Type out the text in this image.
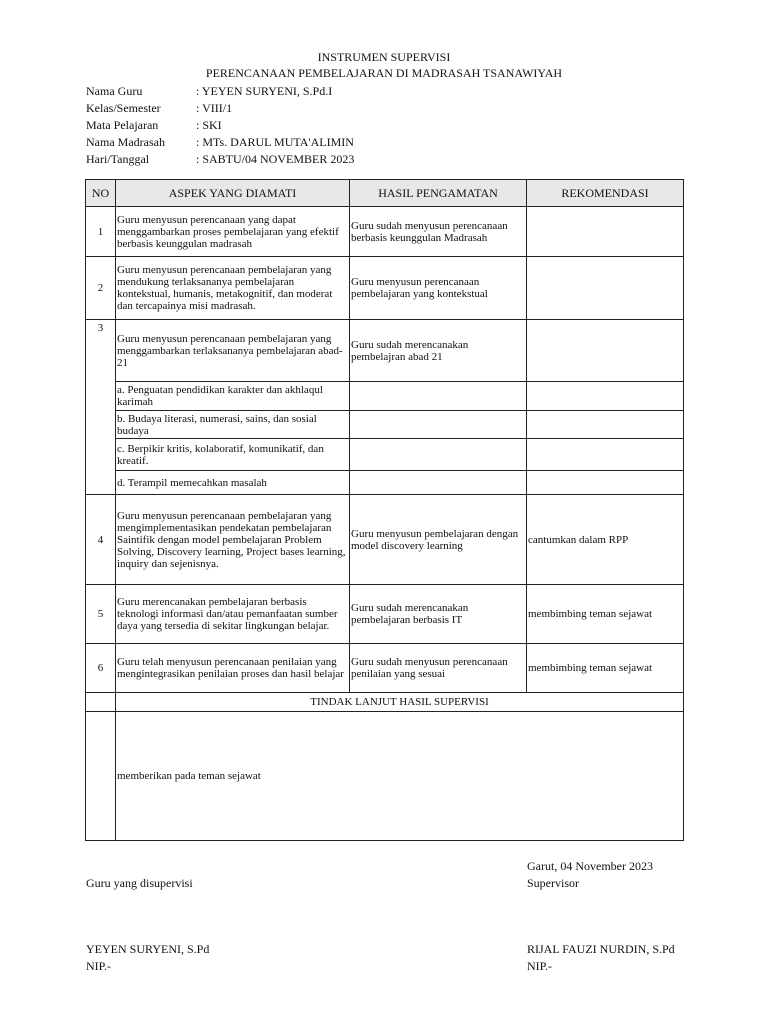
INSTRUMEN SUPERVISI
PERENCANAAN PEMBELAJARAN DI MADRASAH TSANAWIYAH
Nama Guru	: YEYEN SURYENI, S.Pd.I
Kelas/Semester	: VIII/1
Mata Pelajaran	: SKI
Nama Madrasah	: MTs. DARUL MUTA'ALIMIN
Hari/Tanggal	: SABTU/04 NOVEMBER 2023
NO	ASPEK YANG DIAMATI	HASIL PENGAMATAN	REKOMENDASI
1	Guru menyusun perencanaan yang dapat menggambarkan proses pembelajaran yang efektif berbasis keunggulan madrasah	Guru sudah menyusun perencanaan berbasis keunggulan Madrasah	
2	Guru menyusun perencanaan pembelajaran yang mendukung terlaksananya pembelajaran kontekstual, humanis, metakognitif, dan moderat dan tercapainya misi madrasah.	Guru menyusun perencanaan pembelajaran yang kontekstual	
3	Guru menyusun perencanaan pembelajaran yang menggambarkan terlaksananya pembelajaran abad-21	Guru sudah merencanakan pembelajran abad 21	
	a. Penguatan pendidikan karakter dan akhlaqul karimah		
	b. Budaya literasi, numerasi, sains, dan sosial budaya		
	c. Berpikir kritis, kolaboratif, komunikatif, dan kreatif.		
	d. Terampil memecahkan masalah		
4	Guru menyusun perencanaan pembelajaran yang mengimplementasikan pendekatan pembelajaran Saintifik dengan model pembelajaran Problem Solving, Discovery learning, Project bases learning, inquiry dan sejenisnya.	Guru menyusun pembelajaran dengan model discovery learning	cantumkan dalam RPP
5	Guru merencanakan pembelajaran berbasis teknologi informasi dan/atau pemanfaatan sumber daya yang tersedia di sekitar lingkungan belajar.	Guru sudah merencanakan pembelajaran berbasis IT	membimbing teman sejawat
6	Guru telah menyusun perencanaan penilaian yang mengintegrasikan penilaian proses dan hasil belajar	Guru sudah menyusun perencanaan penilaian yang sesuai	membimbing teman sejawat
	TINDAK LANJUT HASIL SUPERVISI		
	memberikan pada teman sejawat		
Garut, 04 November 2023
Guru yang disupervisi	Supervisor
YEYEN SURYENI, S.Pd
NIP.-
RIJAL FAUZI NURDIN, S.Pd
NIP.-
